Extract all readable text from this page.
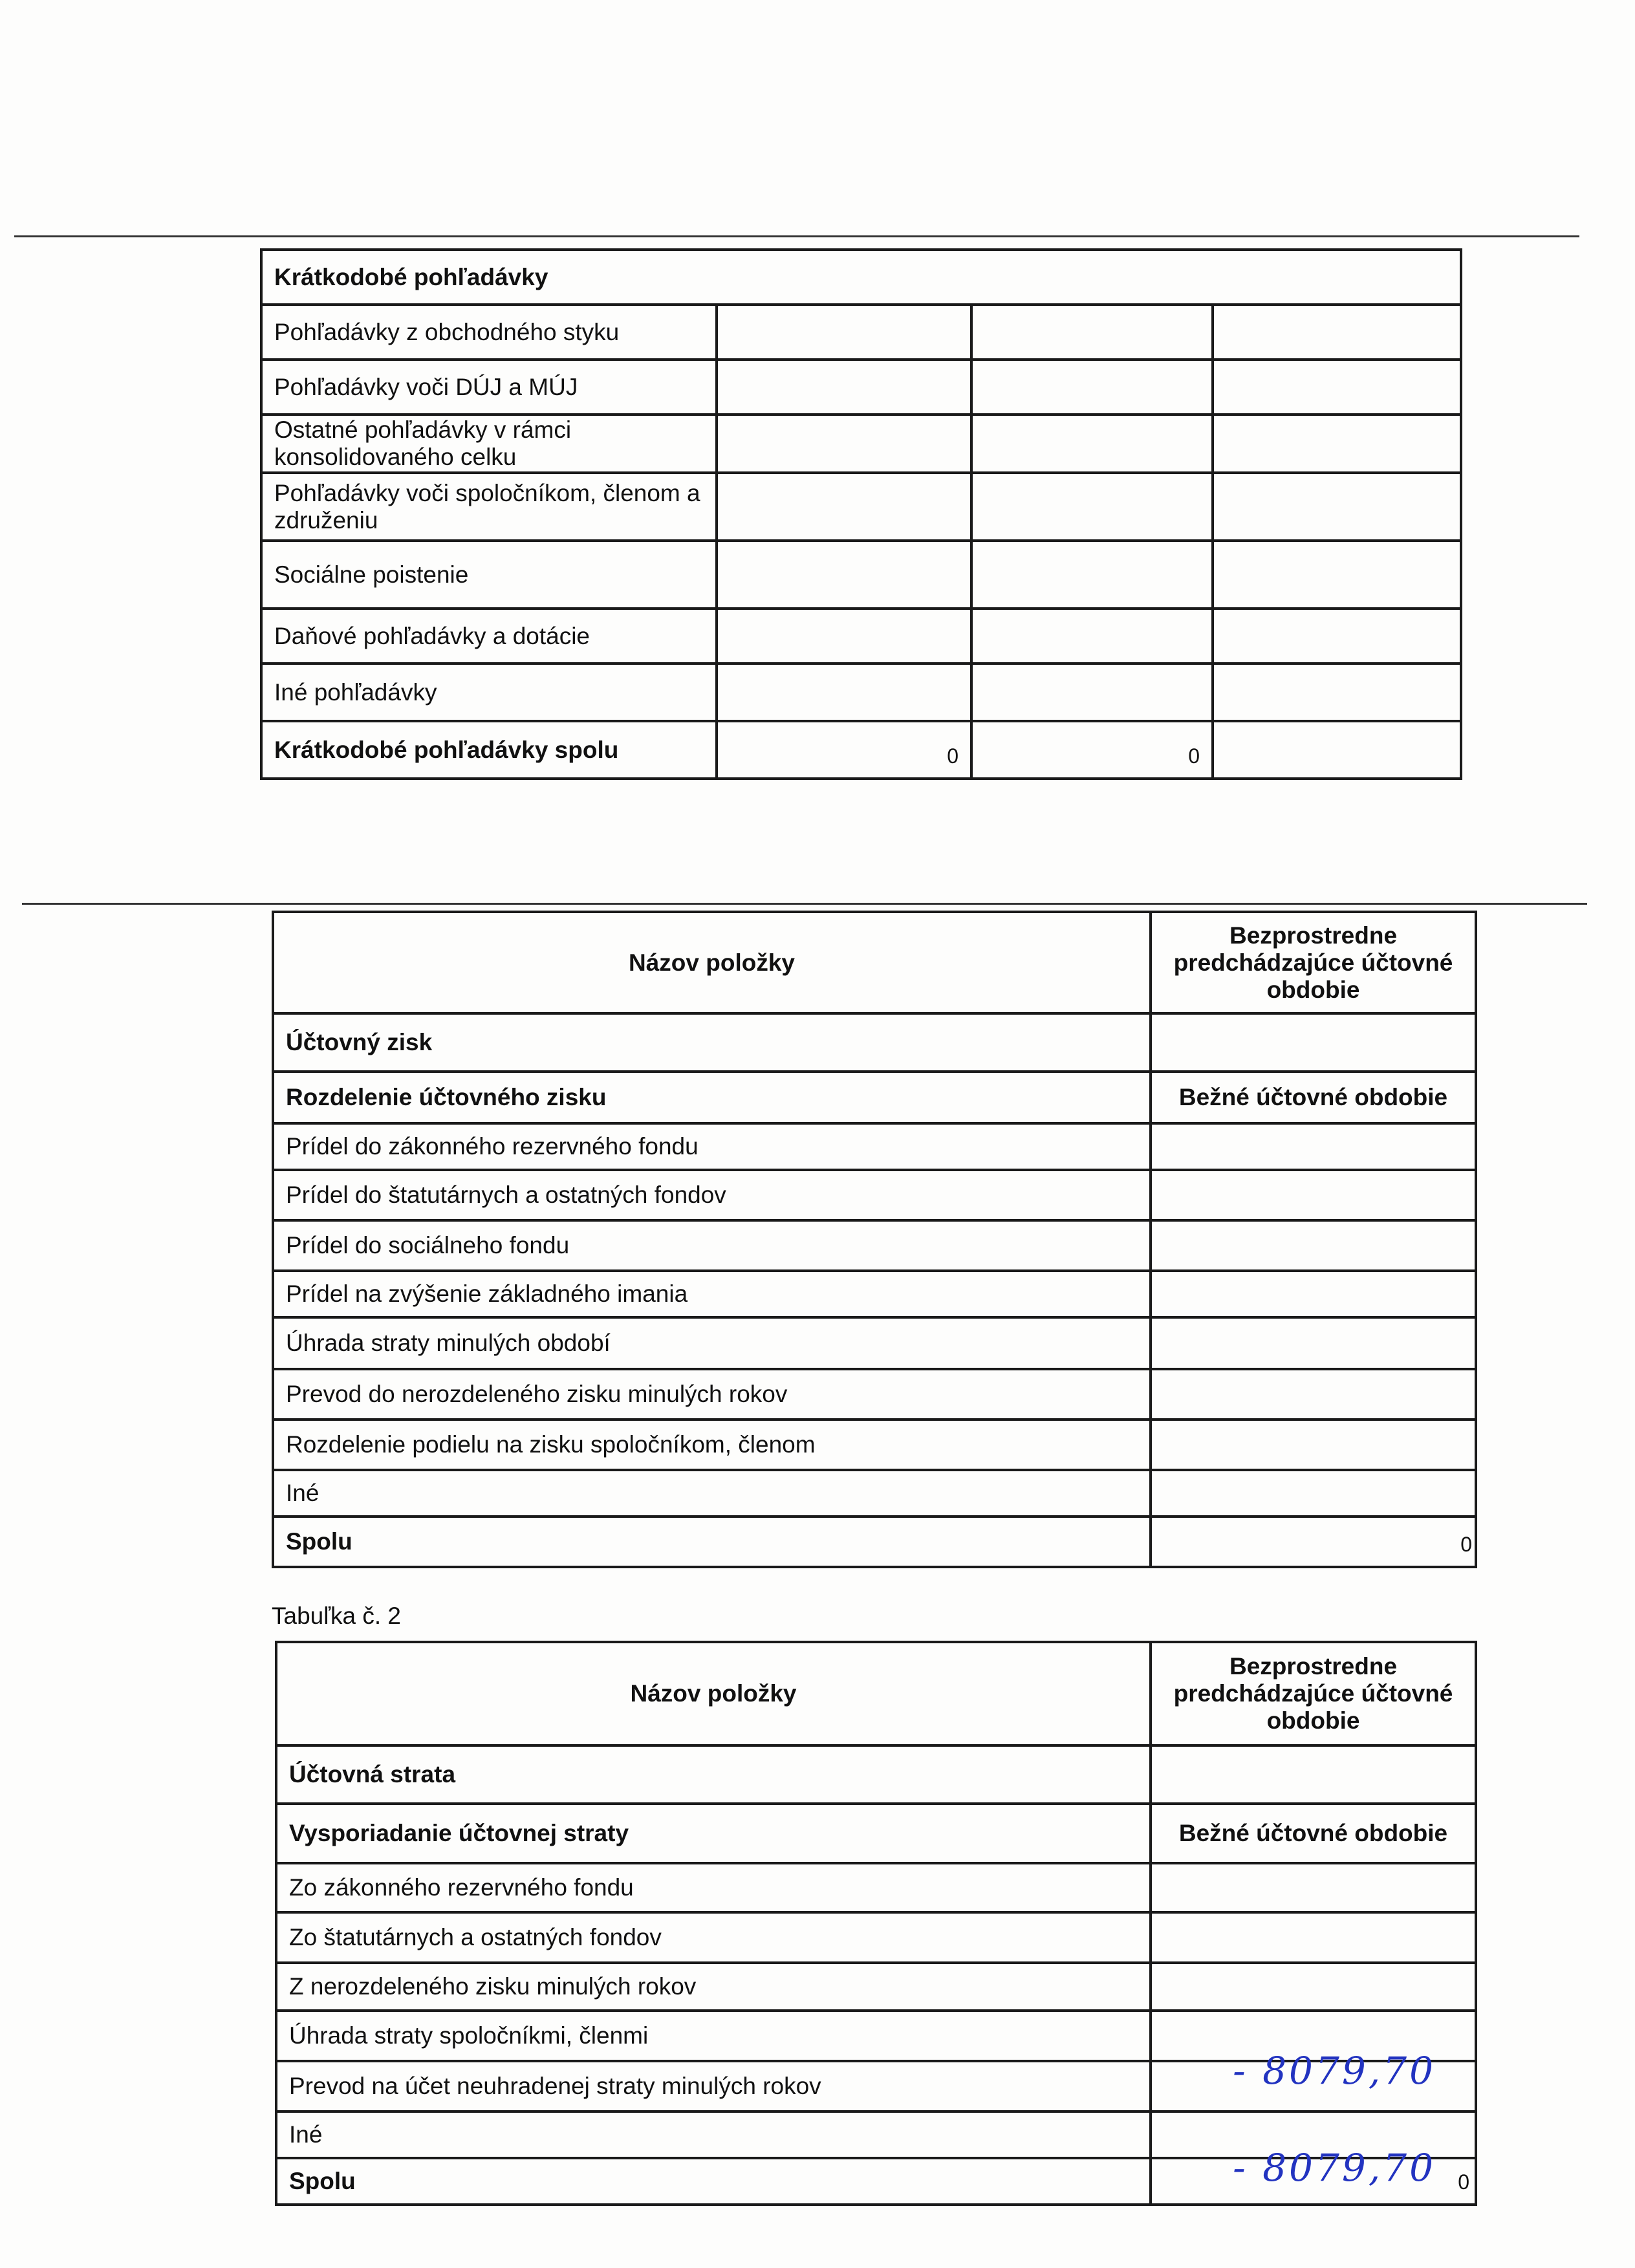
Krátkodobé pohľadávky			
Pohľadávky z obchodného styku			
Pohľadávky voči DÚJ a MÚJ			
Ostatné pohľadávky v rámci konsolidovaného celku			
Pohľadávky voči spoločníkom, členom a združeniu			
Sociálne poistenie			
Daňové pohľadávky a dotácie			
Iné pohľadávky			
Krátkodobé pohľadávky spolu	0	0	
Názov položky	Bezprostredne predchádzajúce účtovné obdobie
Účtovný zisk	
Rozdelenie účtovného zisku	Bežné účtovné obdobie
Prídel do zákonného rezervného fondu	
Prídel do štatutárnych a ostatných fondov	
Prídel do sociálneho fondu	
Prídel na zvýšenie základného imania	
Úhrada straty minulých období	
Prevod do nerozdeleného zisku minulých rokov	
Rozdelenie podielu na zisku spoločníkom, členom	
Iné	
Spolu	0
Tabuľka č. 2
Názov položky	Bezprostredne predchádzajúce účtovné obdobie
Účtovná strata	
Vysporiadanie účtovnej straty	Bežné účtovné obdobie
Zo zákonného rezervného fondu	
Zo štatutárnych a ostatných fondov	
Z nerozdeleného zisku minulých rokov	
Úhrada straty spoločníkmi, členmi	
Prevod na účet neuhradenej straty minulých rokov	- 8079,70

Iné	
Spolu	- 8079,70 0
